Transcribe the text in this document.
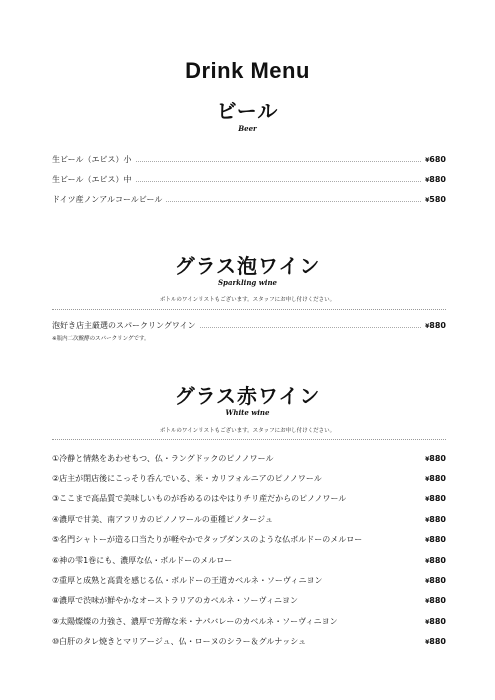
Drink Menu
ビール
Beer
生ビール（エビス）小	¥680
生ビール（エビス）中	¥880
ドイツ産ノンアルコールビール	¥580
グラス泡ワイン
Sparkling wine
ボトルのワインリストもございます。スタッフにお申し付けください。
泡好き店主厳選のスパークリングワイン	¥880
※瓶内二次醗酵のスパークリングです。
グラス赤ワイン
White wine
ボトルのワインリストもございます。スタッフにお申し付けください。
①冷静と情熱をあわせもつ、仏・ラングドックのピノノワール	¥880
②店主が閉店後にこっそり呑んでいる、米・カリフォルニアのピノノワール	¥880
③ここまで高品質で美味しいものが呑めるのはやはりチリ産だからのピノノワール	¥880
④濃厚で甘美、南アフリカのピノノワールの亜種ピノタージュ	¥880
⑤名門シャトーが造る口当たりが軽やかでタップダンスのような仏ボルドーのメルロー	¥880
⑥神の雫1巻にも、濃厚な仏・ボルドーのメルロー	¥880
⑦重厚と成熟と高貴を感じる仏・ボルドーの王道カベルネ・ソーヴィニヨン	¥880
⑧濃厚で渋味が鮮やかなオーストラリアのカベルネ・ソーヴィニヨン	¥880
⑨太陽燦燦の力強さ、濃厚で芳醇な米・ナパバレーのカベルネ・ソーヴィニヨン	¥880
⑩白肝のタレ焼きとマリアージュ、仏・ローヌのシラー＆グルナッシュ	¥880
